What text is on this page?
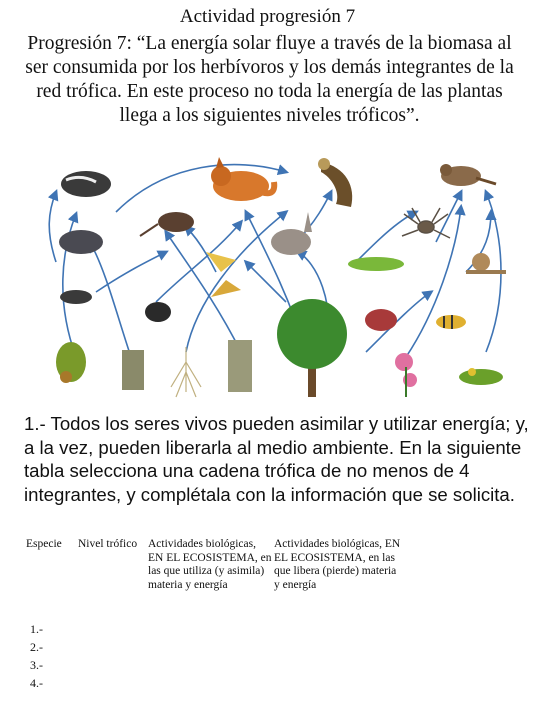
Actividad progresión 7
Progresión 7: “La energía solar fluye a través de la biomasa al ser consumida por los herbívoros y los demás integrantes de la red trófica. En este proceso no toda la energía de las plantas llega a los siguientes niveles tróficos”.
1.- Todos los seres vivos pueden asimilar y utilizar energía; y, a la vez, pueden liberarla al medio ambiente. En la siguiente tabla selecciona una cadena trófica de no menos de 4 integrantes, y complétala con la información que se solicita.
Especie	Nivel trófico Actividades biológicas, EN EL ECOSISTEMA, en las que utiliza (y asimila) materia y energía
Actividades biológicas, EN EL ECOSISTEMA, en las que libera (pierde) materia y energía
1.-
2.-
3.-
4.-
